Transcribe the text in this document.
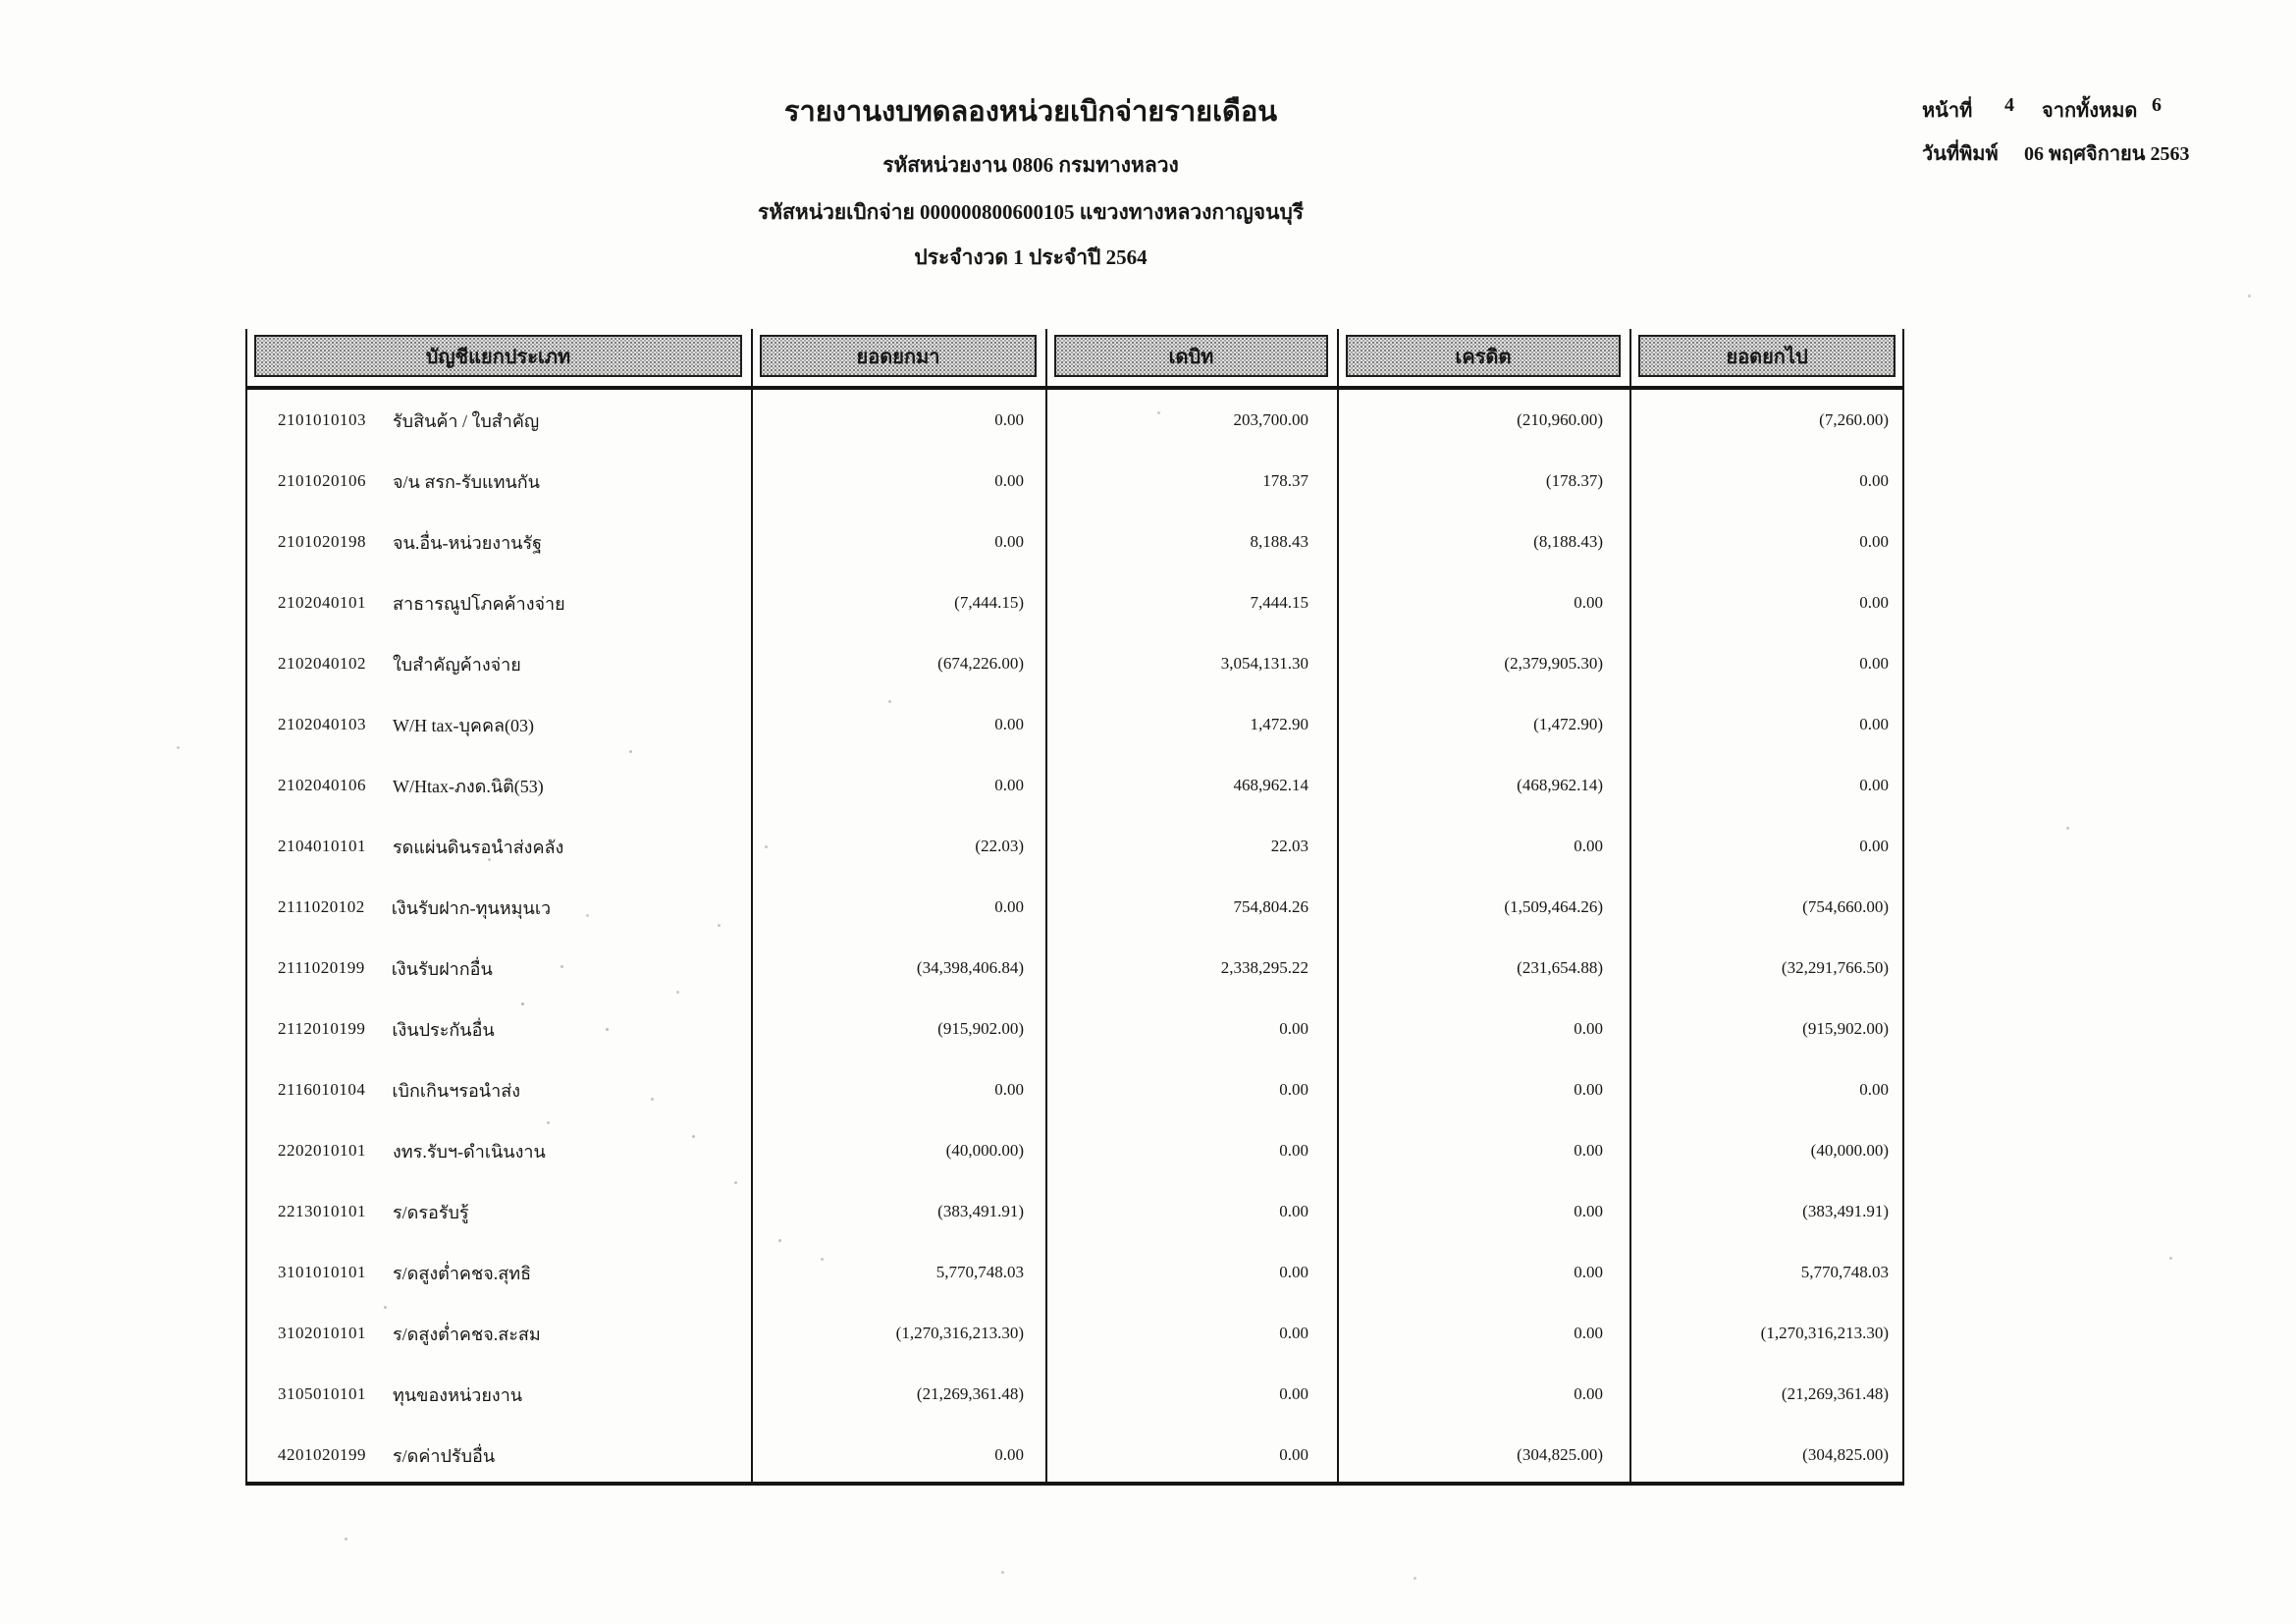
รายงานงบทดลองหน่วยเบิกจ่ายรายเดือน
รหัสหน่วยงาน 0806 กรมทางหลวง
รหัสหน่วยเบิกจ่าย 000000800600105 แขวงทางหลวงกาญจนบุรี
ประจำงวด 1 ประจำปี 2564
หน้าที่ 4 จากทั้งหมด 6
วันที่พิมพ์ 06 พฤศจิกายน 2563
บัญชีแยกประเภท	ยอดยกมา	เดบิท	เครดิต	ยอดยกไป
2101010103 รับสินค้า / ใบสำคัญ	0.00	203,700.00	(210,960.00)	(7,260.00)
2101020106 จ/น สรก-รับแทนกัน	0.00	178.37	(178.37)	0.00
2101020198 จน.อื่น-หน่วยงานรัฐ	0.00	8,188.43	(8,188.43)	0.00
2102040101 สาธารณูปโภคค้างจ่าย	(7,444.15)	7,444.15	0.00	0.00
2102040102 ใบสำคัญค้างจ่าย	(674,226.00)	3,054,131.30	(2,379,905.30)	0.00
2102040103 W/H tax-บุคคล(03)	0.00	1,472.90	(1,472.90)	0.00
2102040106 W/Htax-ภงด.นิติ(53)	0.00	468,962.14	(468,962.14)	0.00
2104010101 รดแผ่นดินรอนำส่งคลัง	(22.03)	22.03	0.00	0.00
2111020102 เงินรับฝาก-ทุนหมุนเว	0.00	754,804.26	(1,509,464.26)	(754,660.00)
2111020199 เงินรับฝากอื่น	(34,398,406.84)	2,338,295.22	(231,654.88)	(32,291,766.50)
2112010199 เงินประกันอื่น	(915,902.00)	0.00	0.00	(915,902.00)
2116010104 เบิกเกินฯรอนำส่ง	0.00	0.00	0.00	0.00
2202010101 งทร.รับฯ-ดำเนินงาน	(40,000.00)	0.00	0.00	(40,000.00)
2213010101 ร/ดรอรับรู้	(383,491.91)	0.00	0.00	(383,491.91)
3101010101 ร/ดสูงต่ำคชจ.สุทธิ	5,770,748.03	0.00	0.00	5,770,748.03
3102010101 ร/ดสูงต่ำคชจ.สะสม	(1,270,316,213.30)	0.00	0.00	(1,270,316,213.30)
3105010101 ทุนของหน่วยงาน	(21,269,361.48)	0.00	0.00	(21,269,361.48)
4201020199 ร/ดค่าปรับอื่น	0.00	0.00	(304,825.00)	(304,825.00)
